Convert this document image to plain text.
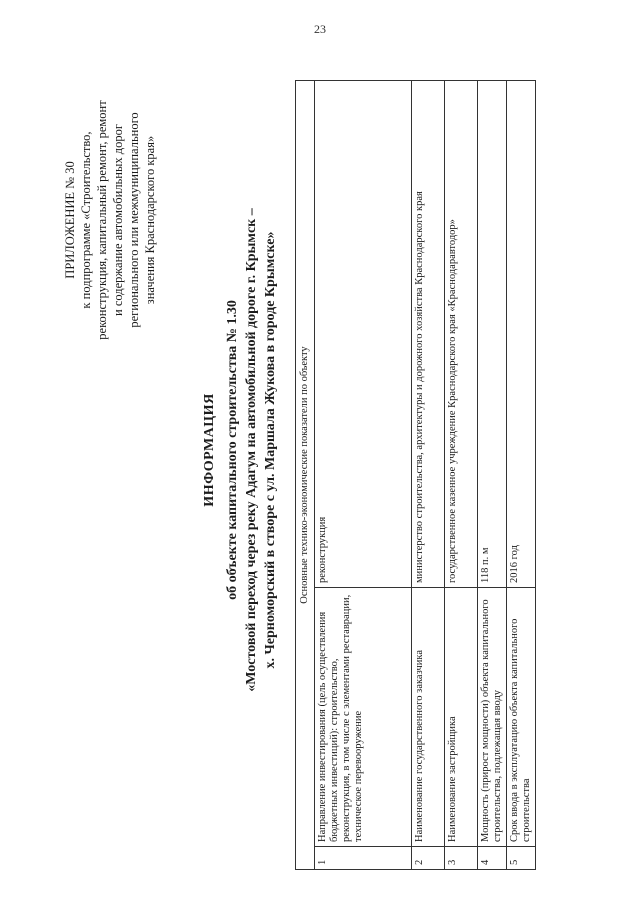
23
ПРИЛОЖЕНИЕ № 30 к подпрограмме «Строительство, реконструкция, капитальный ремонт, ремонт и содержание автомобильных дорог регионального или межмуниципального значения Краснодарского края»
ИНФОРМАЦИЯ об объекте капитального строительства № 1.30 «Мостовой переход через реку Адагум на автомобильной дороге г. Крымск – х. Черноморский в створе с ул. Маршала Жукова в городе Крымске» Основные технико-экономические показатели по объекту		
1	Направление инвестирования (цель осуществления бюджетных инвестиций): строительство, реконструкция, в том числе с элементами реставрации, техническое перевооружение	реконструкция
2	Наименование государственного заказчика	министерство строительства, архитектуры и дорожного хозяйства Краснодарского края
3	Наименование застройщика	государственное казенное учреждение Краснодарского края «Краснодаравтодор»
4	Мощность (прирост мощности) объекта капитального строительства, подлежащая вводу	118 п. м
5	Срок ввода в эксплуатацию объекта капитального строительства	2016 год
